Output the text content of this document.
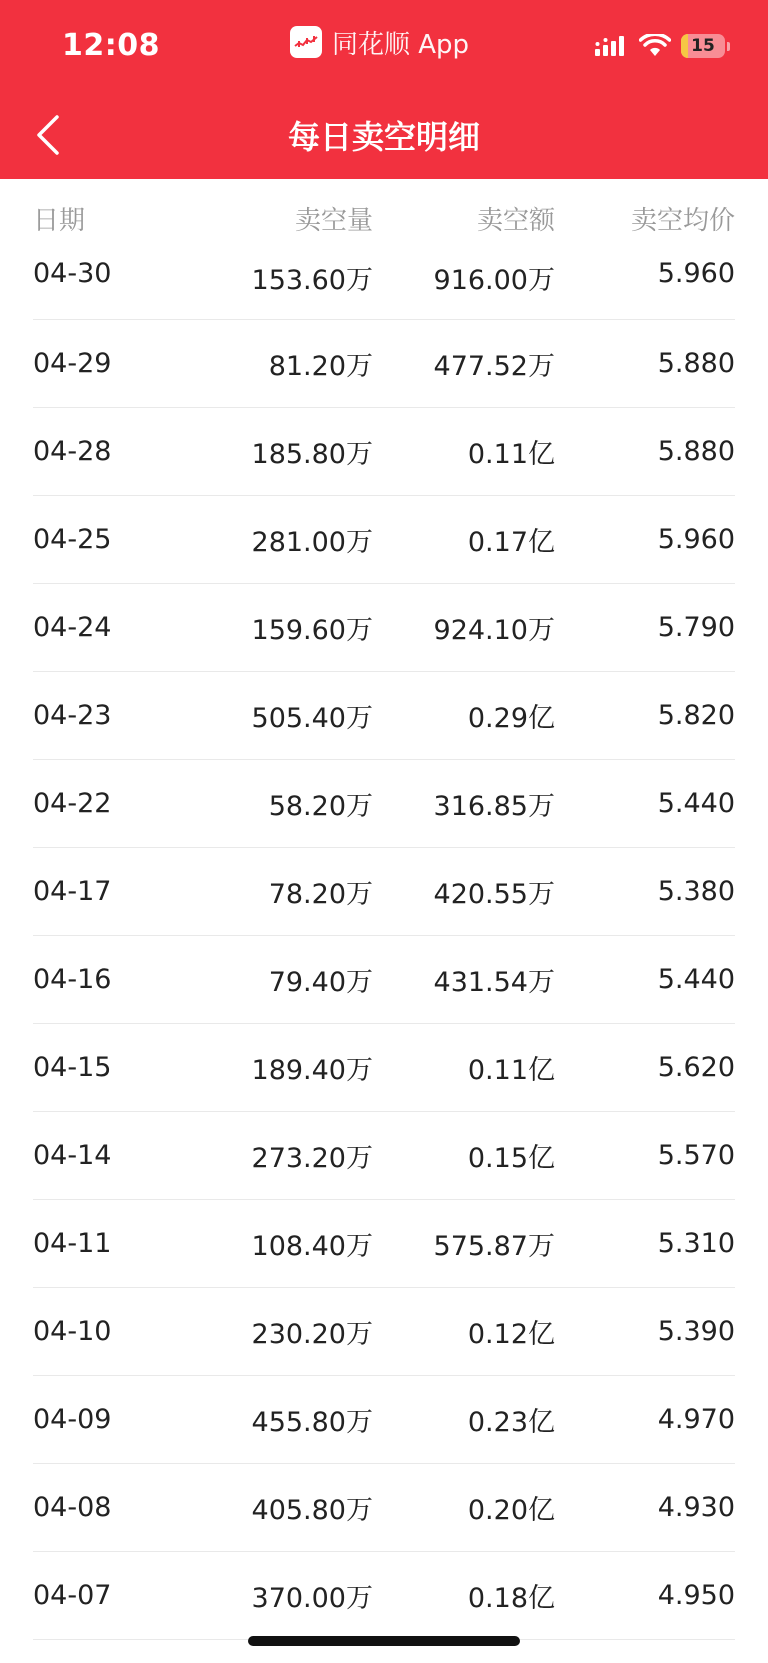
12:08	同花顺 App	15
每日卖空明细
日期	卖空量	卖空额	卖空均价
04-30	153.60万	916.00万	5.960
04-29	81.20万	477.52万	5.880
04-28	185.80万	0.11亿	5.880
04-25	281.00万	0.17亿	5.960
04-24	159.60万	924.10万	5.790
04-23	505.40万	0.29亿	5.820
04-22	58.20万	316.85万	5.440
04-17	78.20万	420.55万	5.380
04-16	79.40万	431.54万	5.440
04-15	189.40万	0.11亿	5.620
04-14	273.20万	0.15亿	5.570
04-11	108.40万	575.87万	5.310
04-10	230.20万	0.12亿	5.390
04-09	455.80万	0.23亿	4.970
04-08	405.80万	0.20亿	4.930
04-07	370.00万	0.18亿	4.950
